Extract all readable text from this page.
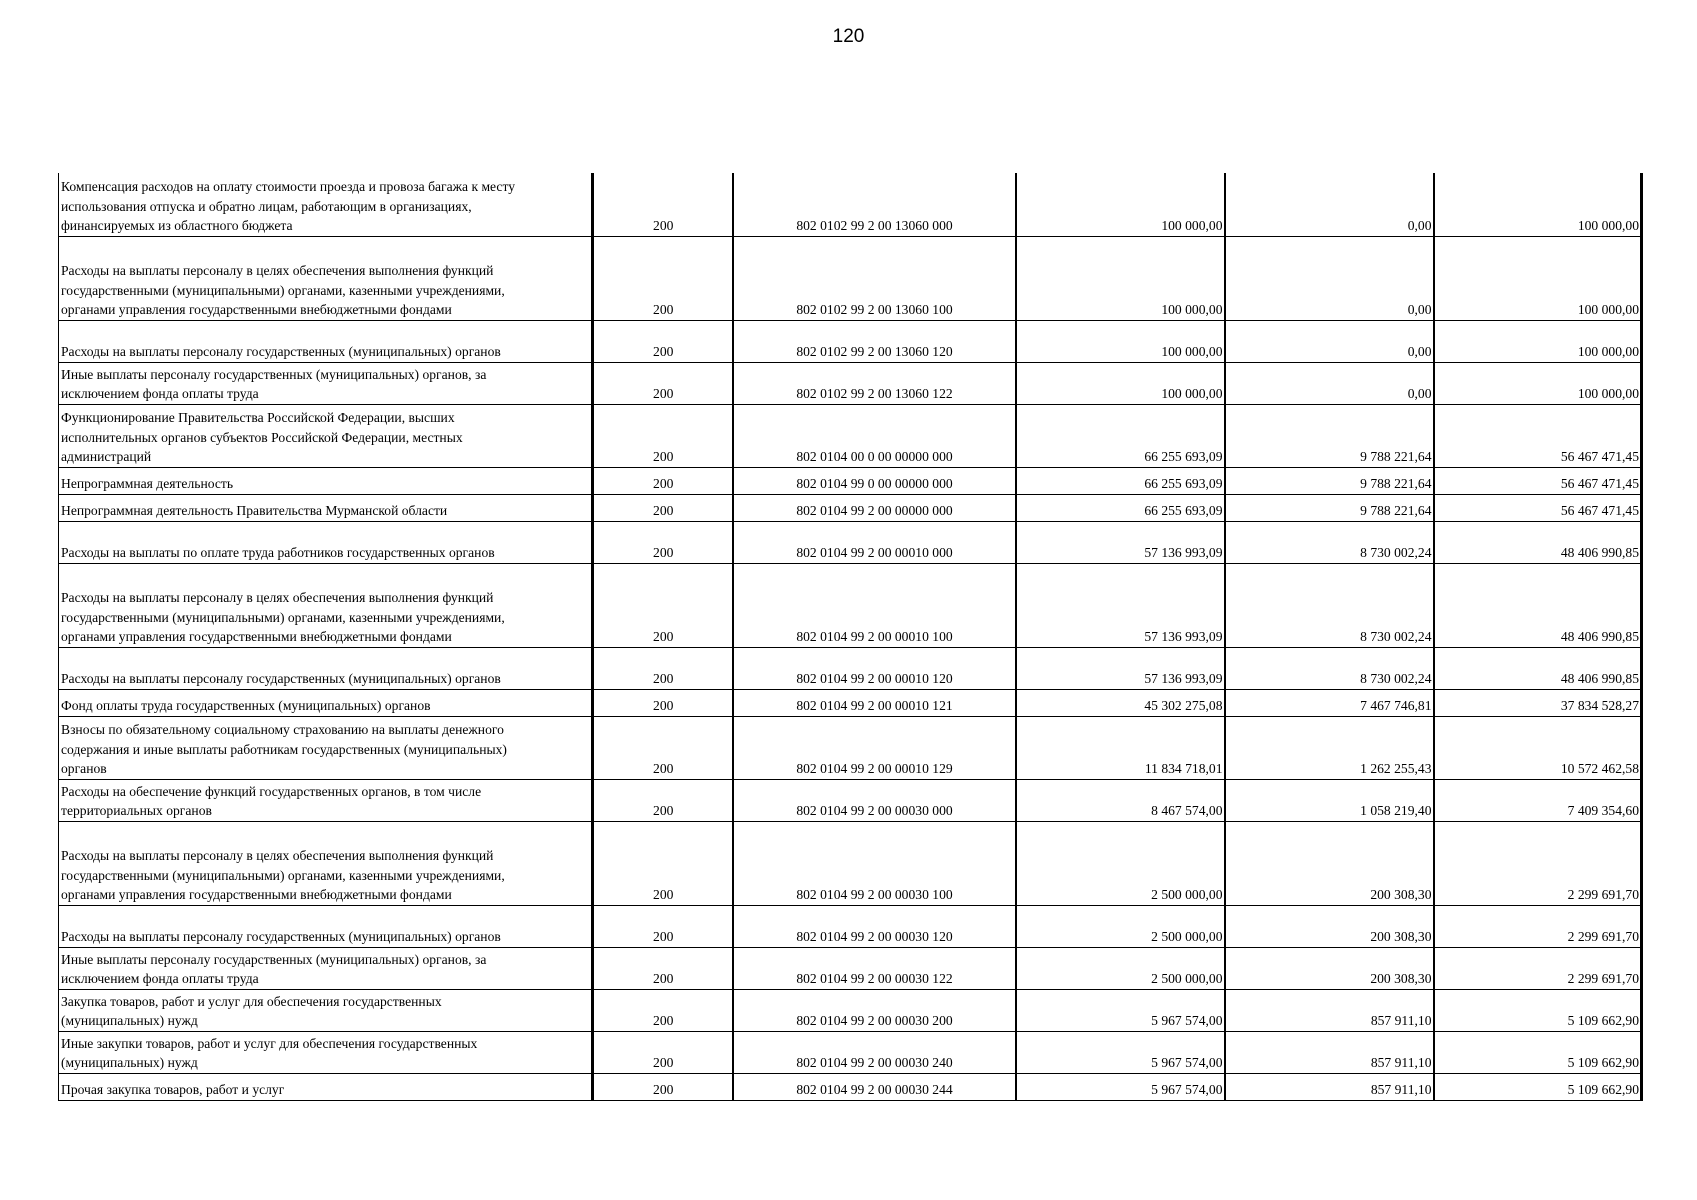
120
Компенсация расходов на оплату стоимости проезда и провоза багажа к месту
использования отпуска и обратно лицам, работающим в организациях,
финансируемых из областного бюджета	200	802 0102 99 2 00 13060 000	100 000,00	0,00	100 000,00
Расходы на выплаты персоналу в целях обеспечения выполнения функций
государственными (муниципальными) органами, казенными учреждениями,
органами управления государственными внебюджетными фондами	200	802 0102 99 2 00 13060 100	100 000,00	0,00	100 000,00
Расходы на выплаты персоналу государственных (муниципальных) органов	200	802 0102 99 2 00 13060 120	100 000,00	0,00	100 000,00
Иные выплаты персоналу государственных (муниципальных) органов, за
исключением фонда оплаты труда	200	802 0102 99 2 00 13060 122	100 000,00	0,00	100 000,00
Функционирование Правительства Российской Федерации, высших
исполнительных органов субъектов Российской Федерации, местных
администраций	200	802 0104 00 0 00 00000 000	66 255 693,09	9 788 221,64	56 467 471,45
Непрограммная деятельность	200	802 0104 99 0 00 00000 000	66 255 693,09	9 788 221,64	56 467 471,45
Непрограммная деятельность Правительства Мурманской области	200	802 0104 99 2 00 00000 000	66 255 693,09	9 788 221,64	56 467 471,45
Расходы на выплаты по оплате труда работников государственных органов	200	802 0104 99 2 00 00010 000	57 136 993,09	8 730 002,24	48 406 990,85
Расходы на выплаты персоналу в целях обеспечения выполнения функций
государственными (муниципальными) органами, казенными учреждениями,
органами управления государственными внебюджетными фондами	200	802 0104 99 2 00 00010 100	57 136 993,09	8 730 002,24	48 406 990,85
Расходы на выплаты персоналу государственных (муниципальных) органов	200	802 0104 99 2 00 00010 120	57 136 993,09	8 730 002,24	48 406 990,85
Фонд оплаты труда государственных (муниципальных) органов	200	802 0104 99 2 00 00010 121	45 302 275,08	7 467 746,81	37 834 528,27
Взносы по обязательному социальному страхованию на выплаты денежного
содержания и иные выплаты работникам государственных (муниципальных)
органов	200	802 0104 99 2 00 00010 129	11 834 718,01	1 262 255,43	10 572 462,58
Расходы на обеспечение функций государственных органов, в том числе
территориальных органов	200	802 0104 99 2 00 00030 000	8 467 574,00	1 058 219,40	7 409 354,60
Расходы на выплаты персоналу в целях обеспечения выполнения функций
государственными (муниципальными) органами, казенными учреждениями,
органами управления государственными внебюджетными фондами	200	802 0104 99 2 00 00030 100	2 500 000,00	200 308,30	2 299 691,70
Расходы на выплаты персоналу государственных (муниципальных) органов	200	802 0104 99 2 00 00030 120	2 500 000,00	200 308,30	2 299 691,70
Иные выплаты персоналу государственных (муниципальных) органов, за
исключением фонда оплаты труда	200	802 0104 99 2 00 00030 122	2 500 000,00	200 308,30	2 299 691,70
Закупка товаров, работ и услуг для обеспечения государственных
(муниципальных) нужд	200	802 0104 99 2 00 00030 200	5 967 574,00	857 911,10	5 109 662,90
Иные закупки товаров, работ и услуг для обеспечения государственных
(муниципальных) нужд	200	802 0104 99 2 00 00030 240	5 967 574,00	857 911,10	5 109 662,90
Прочая закупка товаров, работ и услуг	200	802 0104 99 2 00 00030 244	5 967 574,00	857 911,10	5 109 662,90
